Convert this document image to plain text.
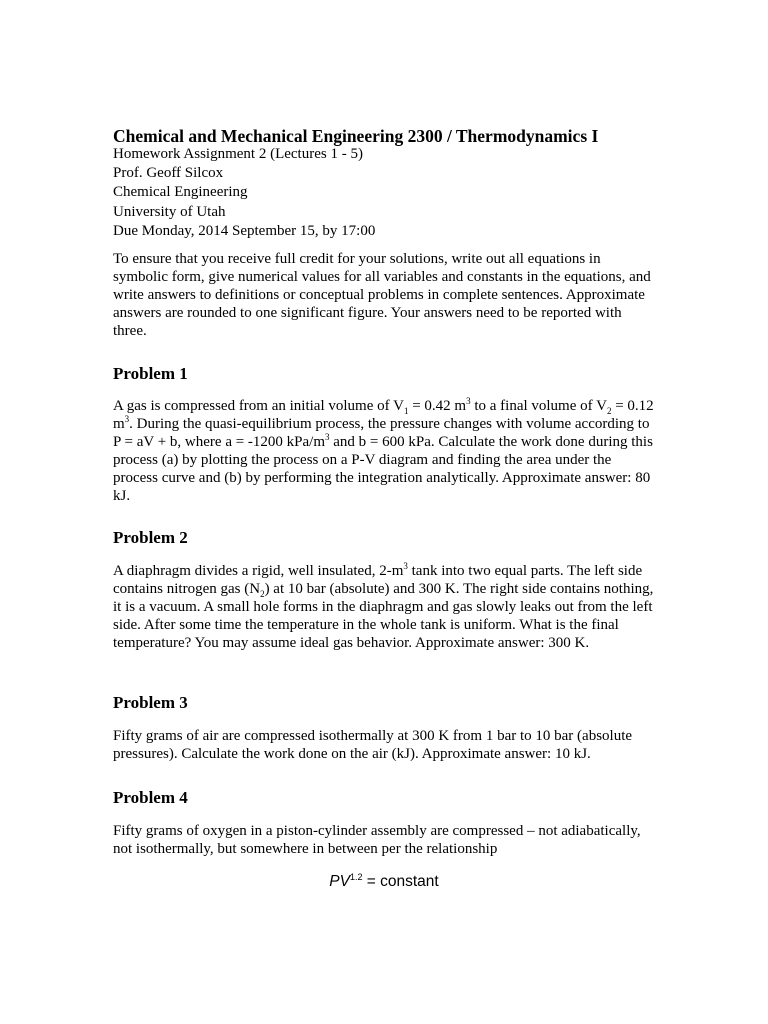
Chemical and Mechanical Engineering 2300 / Thermodynamics I
Homework Assignment 2 (Lectures 1 - 5)
Prof. Geoff Silcox
Chemical Engineering
University of Utah
Due Monday, 2014 September 15, by 17:00
To ensure that you receive full credit for your solutions, write out all equations in symbolic form, give numerical values for all variables and constants in the equations, and write answers to definitions or conceptual problems in complete sentences. Approximate answers are rounded to one significant figure. Your answers need to be reported with three.
Problem 1
A gas is compressed from an initial volume of $V_1 = 0.42$ $m^3$ to a final volume of $V_2 = 0.12$ $m^3$. During the quasi-equilibrium process, the pressure changes with volume according to P = aV + b, where a = -1200 kPa/$m^3$ and b = 600 kPa. Calculate the work done during this process (a) by plotting the process on a P-V diagram and finding the area under the process curve and (b) by performing the integration analytically. Approximate answer: 80 kJ.
Problem 2
A diaphragm divides a rigid, well insulated, $2-m^3$ tank into two equal parts. The left side contains nitrogen gas $(N_2)$ at 10 bar (absolute) and 300 K. The right side contains nothing, it is a vacuum. A small hole forms in the diaphragm and gas slowly leaks out from the left side. After some time the temperature in the whole tank is uniform. What is the final temperature? You may assume ideal gas behavior. Approximate answer: 300 K.
Problem 3
Fifty grams of air are compressed isothermally at 300 K from 1 bar to 10 bar (absolute pressures). Calculate the work done on the air (kJ). Approximate answer: 10 kJ.
Problem 4
Fifty grams of oxygen in a piston-cylinder assembly are compressed – not adiabatically, not isothermally, but somewhere in between per the relationship
$PV^{1.2}$ = constant
